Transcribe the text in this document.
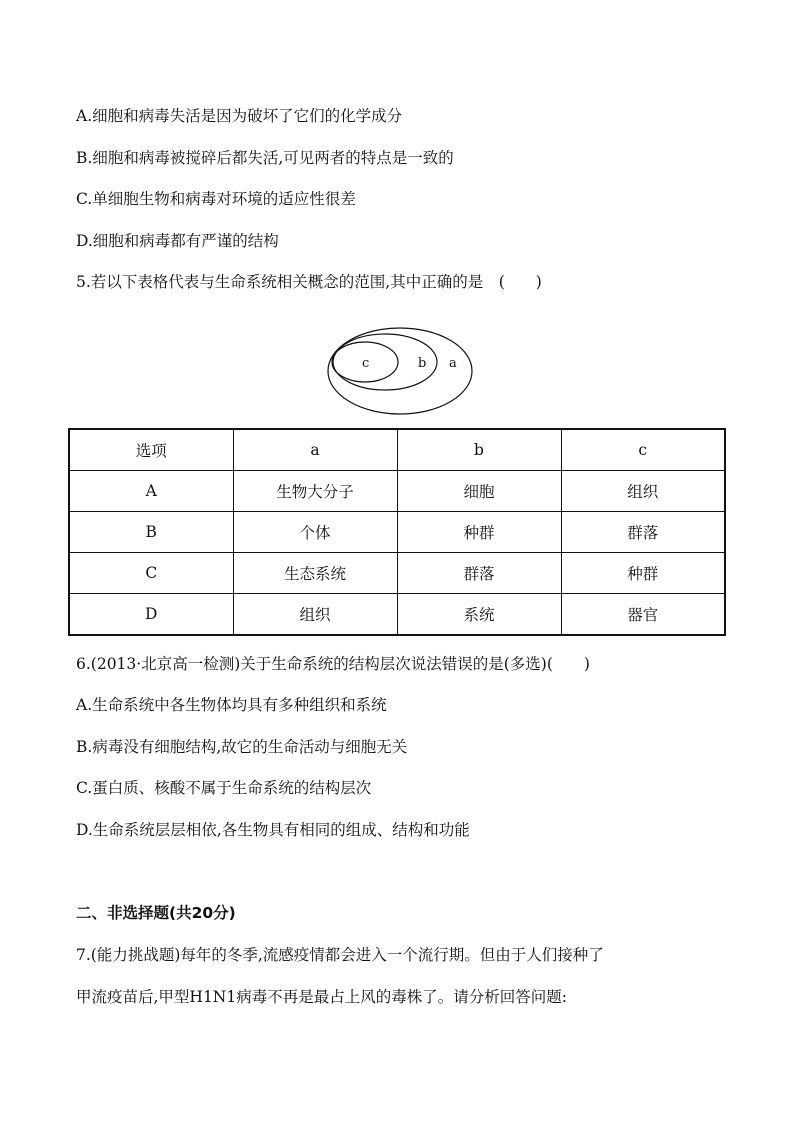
A.细胞和病毒失活是因为破坏了它们的化学成分
B.细胞和病毒被搅碎后都失活,可见两者的特点是一致的
C.单细胞生物和病毒对环境的适应性很差
D.细胞和病毒都有严谨的结构
5.若以下表格代表与生命系统相关概念的范围,其中正确的是　(　　)
c	b a
选项	a	b	c
A	生物大分子	细胞	组织
B	个体	种群	群落
C	生态系统	群落	种群
D	组织	系统	器官
6.(2013·北京高一检测)关于生命系统的结构层次说法错误的是(多选)(　　)
A.生命系统中各生物体均具有多种组织和系统
B.病毒没有细胞结构,故它的生命活动与细胞无关
C.蛋白质、核酸不属于生命系统的结构层次
D.生命系统层层相依,各生物具有相同的组成、结构和功能
二、非选择题(共20分)
7.(能力挑战题)每年的冬季,流感疫情都会进入一个流行期。但由于人们接种了
甲流疫苗后,甲型H1N1病毒不再是最占上风的毒株了。请分析回答问题:
